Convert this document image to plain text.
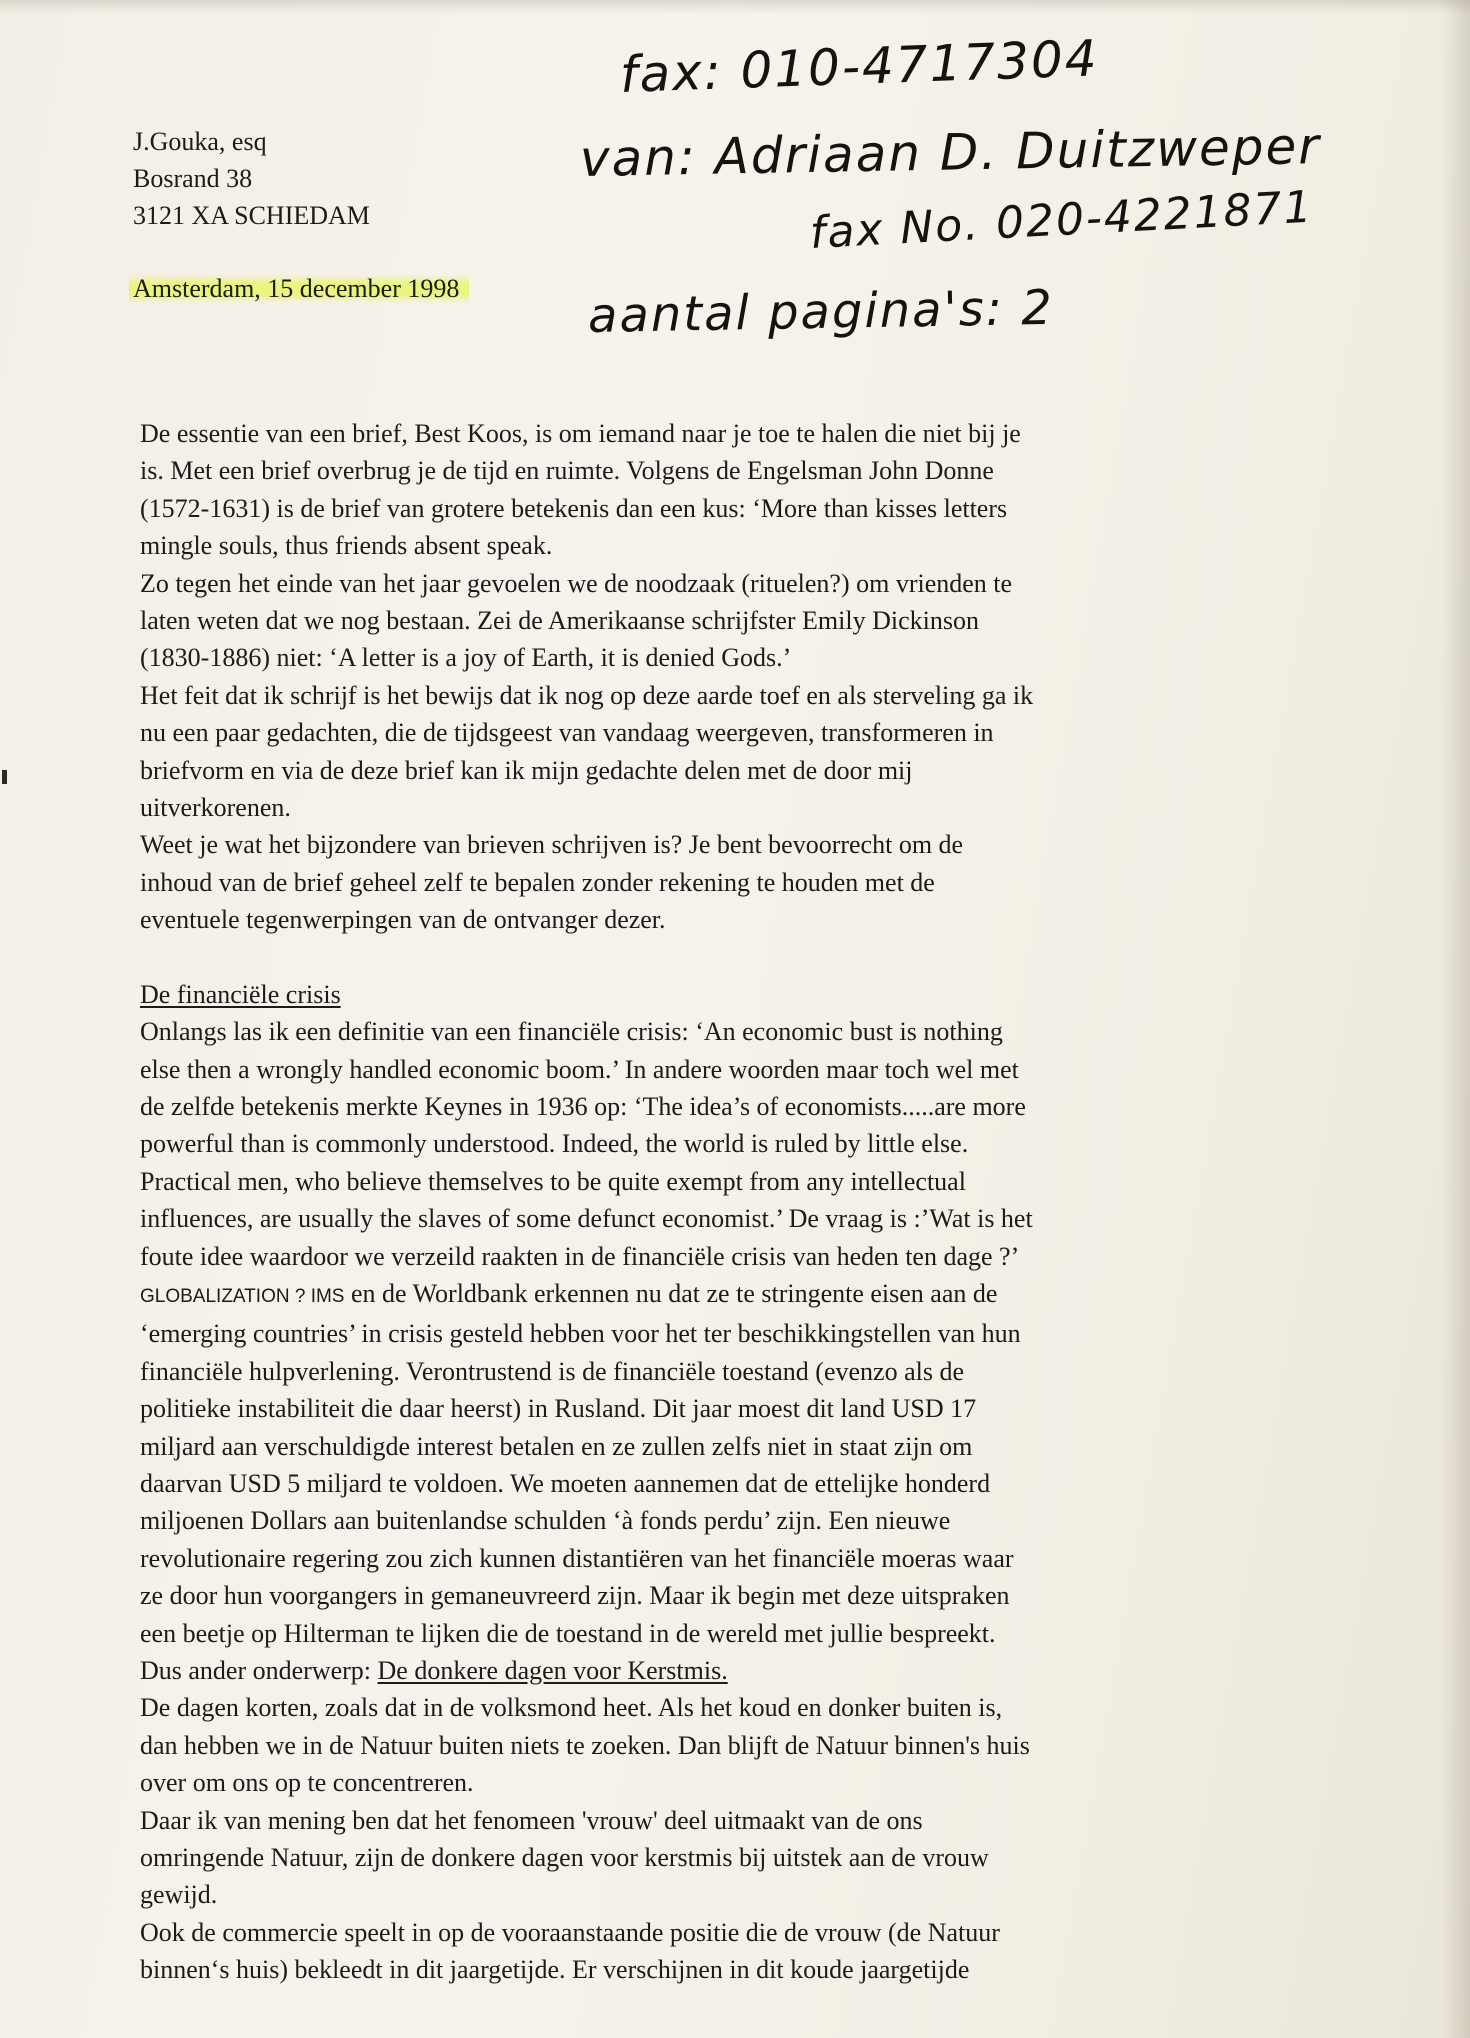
J.Gouka, esq
Bosrand 38
3121 XA SCHIEDAM
Amsterdam, 15 december 1998
fax: 010-4717304
van: Adriaan D. Duitzweper
fax No. 020-4221871
aantal pagina's: 2

De essentie van een brief, Best Koos, is om iemand naar je toe te halen die niet bij je

is. Met een brief overbrug je de tijd en ruimte. Volgens de Engelsman John Donne

(1572-1631) is de brief van grotere betekenis dan een kus: ‘More than kisses letters

mingle souls, thus friends absent speak.

Zo tegen het einde van het jaar gevoelen we de noodzaak (rituelen?) om vrienden te

laten weten dat we nog bestaan. Zei de Amerikaanse schrijfster Emily Dickinson

(1830-1886) niet: ‘A letter is a joy of Earth, it is denied Gods.’

Het feit dat ik schrijf is het bewijs dat ik nog op deze aarde toef en als sterveling ga ik

nu een paar gedachten, die de tijdsgeest van vandaag weergeven, transformeren in

briefvorm en via de deze brief kan ik mijn gedachte delen met de door mij

uitverkorenen.

Weet je wat het bijzondere van brieven schrijven is? Je bent bevoorrecht om de

inhoud van de brief geheel zelf te bepalen zonder rekening te houden met de

eventuele tegenwerpingen van de ontvanger dezer.

De financiële crisis

Onlangs las ik een definitie van een financiële crisis: ‘An economic bust is nothing

else then a wrongly handled economic boom.’ In andere woorden maar toch wel met

de zelfde betekenis merkte Keynes in 1936 op: ‘The idea’s of economists.....are more

powerful than is commonly understood. Indeed, the world is ruled by little else.

Practical men, who believe themselves to be quite exempt from any intellectual

influences, are usually the slaves of some defunct economist.’ De vraag is :’Wat is het

foute idee waardoor we verzeild raakten in de financiële crisis van heden ten dage ?’

GLOBALIZATION ? IMS en de Worldbank erkennen nu dat ze te stringente eisen aan de

‘emerging countries’ in crisis gesteld hebben voor het ter beschikkingstellen van hun

financiële hulpverlening. Verontrustend is de financiële toestand (evenzo als de

politieke instabiliteit die daar heerst) in Rusland. Dit jaar moest dit land USD 17

miljard aan verschuldigde interest betalen en ze zullen zelfs niet in staat zijn om

daarvan USD 5 miljard te voldoen. We moeten aannemen dat de ettelijke honderd

miljoenen Dollars aan buitenlandse schulden ‘à fonds perdu’ zijn. Een nieuwe

revolutionaire regering zou zich kunnen distantiëren van het financiële moeras waar

ze door hun voorgangers in gemaneuvreerd zijn. Maar ik begin met deze uitspraken

een beetje op Hilterman te lijken die de toestand in de wereld met jullie bespreekt.

Dus ander onderwerp: De donkere dagen voor Kerstmis.

De dagen korten, zoals dat in de volksmond heet. Als het koud en donker buiten is,

dan hebben we in de Natuur buiten niets te zoeken. Dan blijft de Natuur binnen's huis

over om ons op te concentreren.

Daar ik van mening ben dat het fenomeen 'vrouw' deel uitmaakt van de ons

omringende Natuur, zijn de donkere dagen voor kerstmis bij uitstek aan de vrouw

gewijd.

Ook de commercie speelt in op de vooraanstaande positie die de vrouw (de Natuur

binnen‘s huis) bekleedt in dit jaargetijde. Er verschijnen in dit koude jaargetijde
